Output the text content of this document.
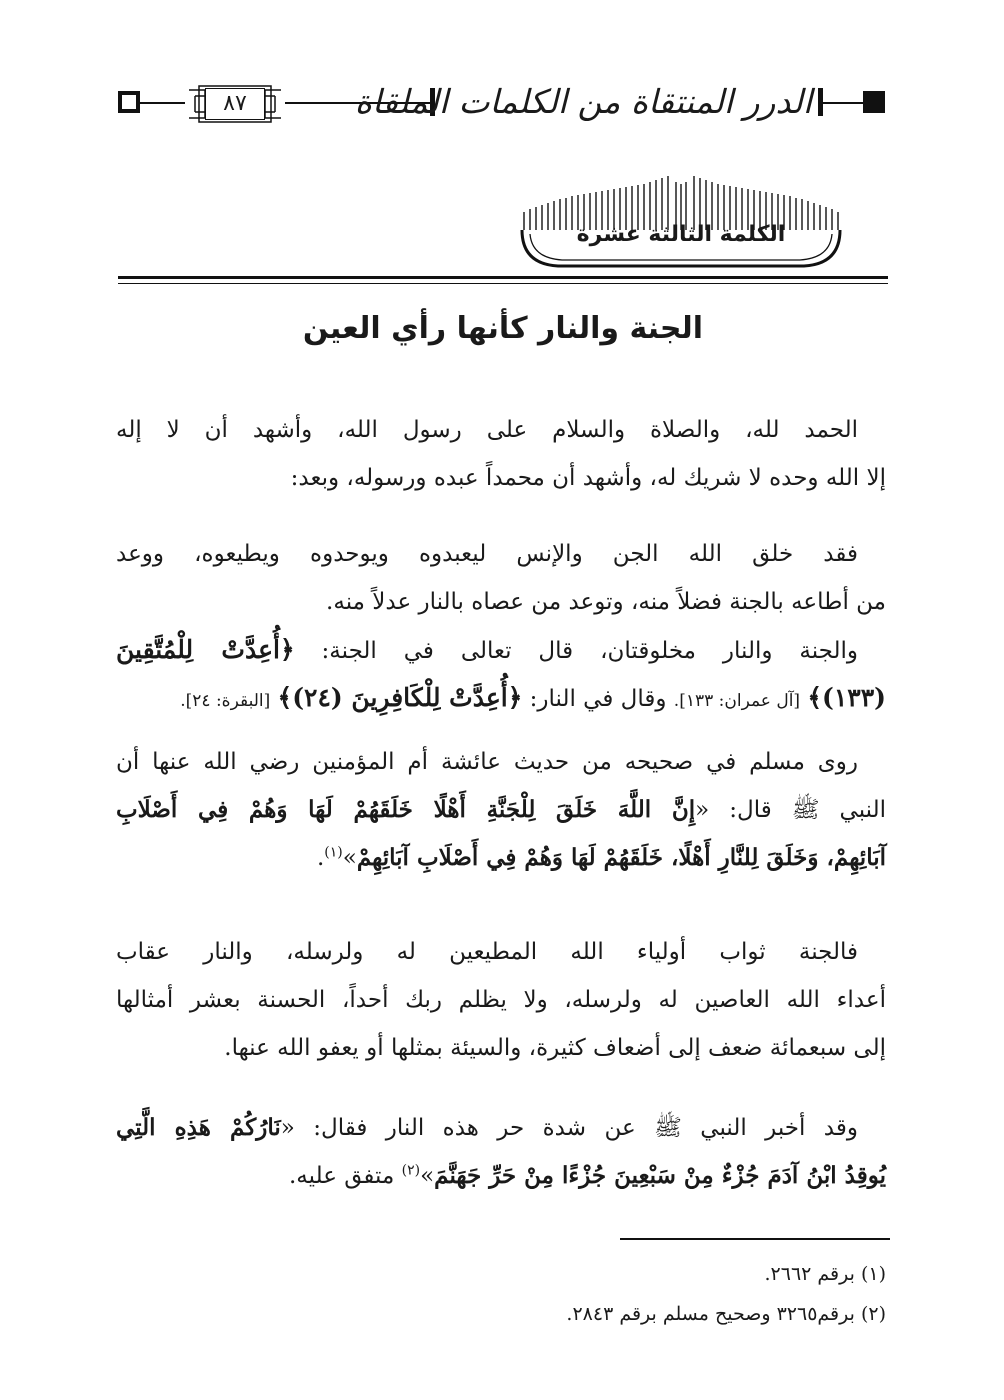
٨٧	الدرر المنتقاة من الكلمات الملقاة
الكلمة الثالثة عشرة
الجنة والنار كأنها رأي العين
الحمد لله، والصلاة والسلام على رسول الله، وأشهد أن لا إله
إلا الله وحده لا شريك له، وأشهد أن محمداً عبده ورسوله، وبعد:
فقد خلق الله الجن والإنس ليعبدوه ويوحدوه ويطيعوه، ووعد
من أطاعه بالجنة فضلاً منه، وتوعد من عصاه بالنار عدلاً منه.
والجنة والنار مخلوقتان، قال تعالى في الجنة: ﴿أُعِدَّتْ لِلْمُتَّقِينَ
(١٣٣)﴾ [آل عمران: ١٣٣]. وقال في النار: ﴿أُعِدَّتْ لِلْكَافِرِينَ (٢٤)﴾ [البقرة: ٢٤].
روى مسلم في صحيحه من حديث عائشة أم المؤمنين رضي الله عنها أن
النبي ﷺ قال: «إِنَّ اللَّهَ خَلَقَ لِلْجَنَّةِ أَهْلًا خَلَقَهُمْ لَهَا وَهُمْ فِي أَصْلَابِ
آبَائِهِمْ، وَخَلَقَ لِلنَّارِ أَهْلًا، خَلَقَهُمْ لَهَا وَهُمْ فِي أَصْلَابِ آبَائِهِمْ»$^{(١)}$.
فالجنة ثواب أولياء الله المطيعين له ولرسله، والنار عقاب
أعداء الله العاصين له ولرسله، ولا يظلم ربك أحداً، الحسنة بعشر أمثالها
إلى سبعمائة ضعف إلى أضعاف كثيرة، والسيئة بمثلها أو يعفو الله عنها.
وقد أخبر النبي ﷺ عن شدة حر هذه النار فقال: «نَارُكُمْ هَذِهِ الَّتِي
يُوقِدُ ابْنُ آدَمَ جُزْءٌ مِنْ سَبْعِينَ جُزْءًا مِنْ حَرِّ جَهَنَّمَ»$^{(٢)}$ متفق عليه.
(١) برقم ٢٦٦٢.
(٢) برقم٣٢٦٥ وصحيح مسلم برقم ٢٨٤٣.
